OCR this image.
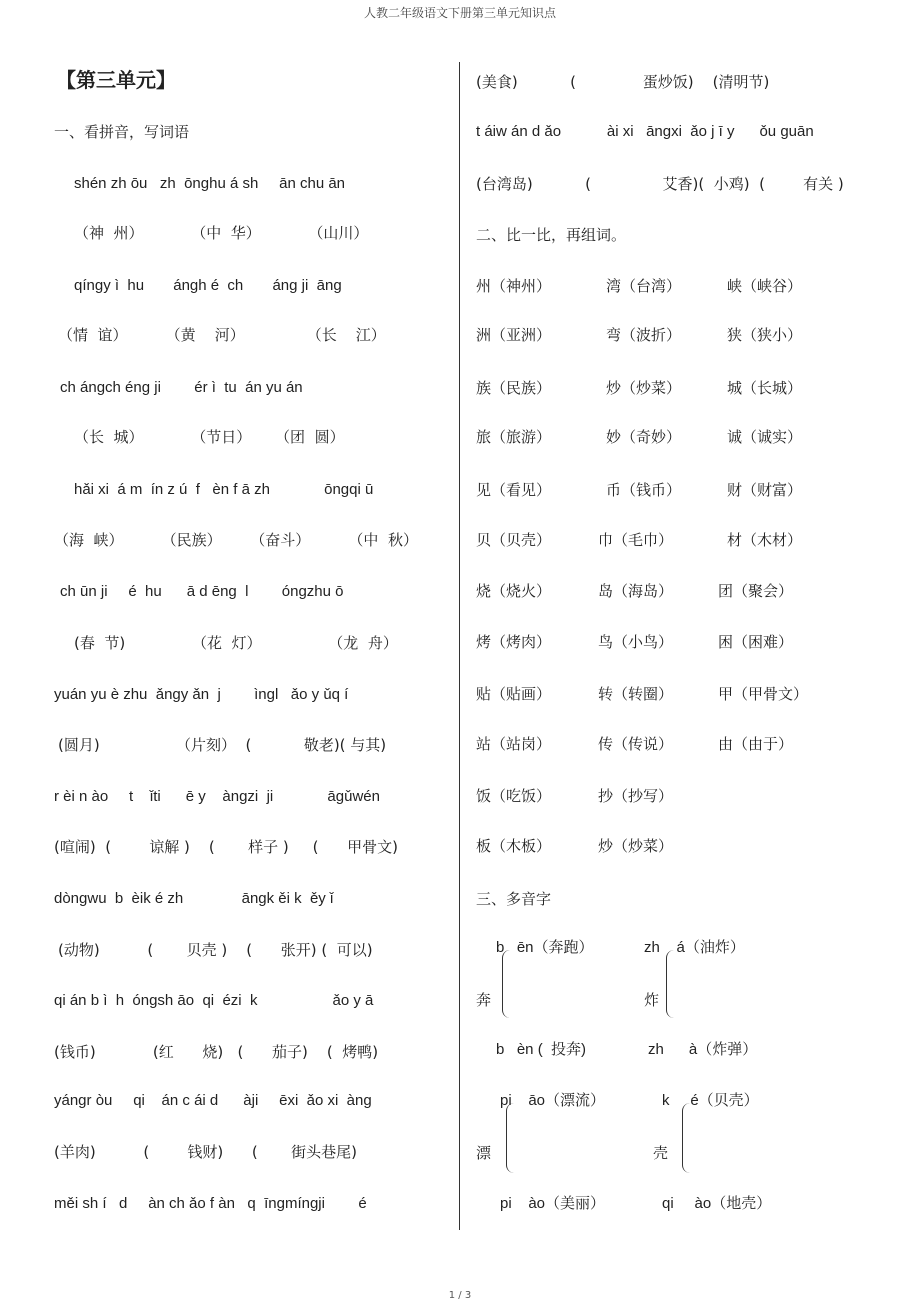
人教二年级语文下册第三单元知识点
【第三单元】
一、看拼音，写词语
shén zh ōu   zh  ōnghu á sh     ān chu ān
（神  州）          （中  华）          （山川）
qíngy ì  hu       ángh é  ch       áng ji  āng
（情  谊）        （黄    河）             （长    江）
ch ángch éng ji        ér ì  tu  án yu án
（长  城）          （节日）     （团  圆）
hǎi xi  á m  ín z ú  f   èn f ā zh             ōngqi ū
（海  峡）        （民族）      （奋斗）        （中  秋）
ch ūn ji     é  hu      ā d ēng  l        óngzhu ō
(春  节)              （花  灯）              （龙  舟）
yuán yu è zhu  ǎngy ǎn  j        ìngl   ǎo y ǔq í
(圆月)                （片刻）  (           敬老)( 与其)
r èi n ào     t    ǐti      ē y    àngzi  ji             āgǔwén
(喧闹)  (        谅解 )    (       样子 )     (      甲骨文)
dòngwu  b  èik é zh              āngk ěi k  ěy ǐ
(动物)          (       贝壳 )    (      张开) (  可以)
qi án b ì  h  óngsh āo  qi  ézi  k                  ǎo y ā
(钱币)            (红      烧)   (      茄子)    (  烤鸭)
yángr òu     qi    án c ái d      àji     ēxi  ǎo xi  àng
(羊肉)          (        钱财)      (       街头巷尾)
měi sh í   d     àn ch ǎo f àn   q  īngmíngji        é
(美食)           (              蛋炒饭)    (清明节)
t áiw án d ǎo           ài xi   āngxi  ǎo j ī y      ǒu guān
(台湾岛)           (               艾香)(  小鸡)  (        有关 )
二、比一比，再组词。
州（神州）	湾（台湾）	峡（峡谷）
洲（亚洲）	弯（波折）	狭（狭小）
族（民族）	炒（炒菜）	城（长城）
旅（旅游）	妙（奇妙）	诚（诚实）
见（看见）	币（钱币）	财（财富）
贝（贝壳）	巾（毛巾）	材（木材）
烧（烧火）	岛（海岛）	团（聚会）
烤（烤肉）	鸟（小鸟）	困（困难）
贴（贴画）	转（转圈）	甲（甲骨文）
站（站岗）	传（传说）	由（由于）
饭（吃饭）	抄（抄写）
板（木板）	炒（炒菜）
三、多音字
b   ēn（奔跑）
奔
b   èn (  投奔)
zh    á（油炸）
炸
zh      à（炸弹）
pi    āo（漂流）
漂
pi    ào（美丽）
k     é（贝壳）
壳
qi     ào（地壳）
1 / 3
